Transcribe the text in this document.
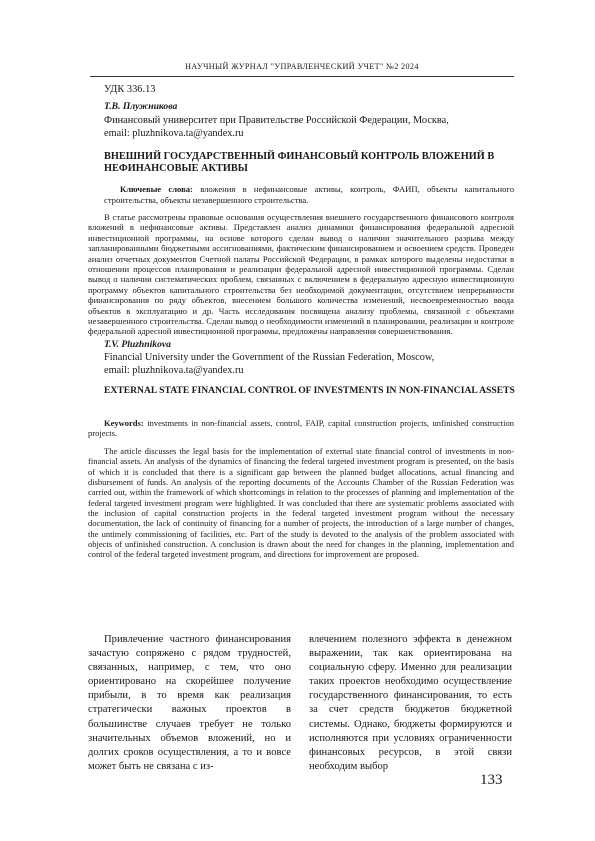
НАУЧНЫЙ ЖУРНАЛ "УПРАВЛЕНЧЕСКИЙ УЧЕТ" №2 2024
УДК 336.13
Т.В. Плужникова
Финансовый университет при Правительстве Российской Федерации, Москва,
email: pluzhnikova.ta@yandex.ru
ВНЕШНИЙ ГОСУДАРСТВЕННЫЙ ФИНАНСОВЫЙ КОНТРОЛЬ ВЛОЖЕНИЙ В НЕФИНАНСОВЫЕ АКТИВЫ
Ключевые слова: вложения в нефинансовые активы, контроль, ФАИП, объекты капитального строительства, объекты незавершенного строительства.
В статье рассмотрены правовые основания осуществления внешнего государственного финансового контроля вложений в нефинансовые активы. Представлен анализ динамики финансирования федеральной адресной инвестиционной программы, на основе которого сделан вывод о наличии значительного разрыва между запланированными бюджетными ассигнованиями, фактическим финансированием и освоением средств. Проведен анализ отчетных документов Счетной палаты Российской Федерации, в рамках которого выделены недостатки в отношении процессов планирования и реализации федеральной адресной инвестиционной программы. Сделан вывод о наличии систематических проблем, связанных с включением в федеральную адресную инвестиционную программу объектов капитального строительства без необходимой документации, отсутствием непрерывности финансирования по ряду объектов, внесением большого количества изменений, несвоевременностью ввода объектов в эксплуатацию и др. Часть исследования посвящена анализу проблемы, связанной с объектами незавершенного строительства. Сделан вывод о необходимости изменений в планировании, реализации и контроле федеральной адресной инвестиционной программы, предложены направления совершенствования.
T.V. Pluzhnikova
Financial University under the Government of the Russian Federation, Moscow,
email: pluzhnikova.ta@yandex.ru
EXTERNAL STATE FINANCIAL CONTROL OF INVESTMENTS IN NON-FINANCIAL ASSETS
Keywords: investments in non-financial assets, control, FAIP, capital construction projects, unfinished construction projects.
The article discusses the legal basis for the implementation of external state financial control of investments in non-financial assets. An analysis of the dynamics of financing the federal targeted investment program is presented, on the basis of which it is concluded that there is a significant gap between the planned budget allocations, actual financing and disbursement of funds. An analysis of the reporting documents of the Accounts Chamber of the Russian Federation was carried out, within the framework of which shortcomings in relation to the processes of planning and implementation of the federal targeted investment program were highlighted. It was concluded that there are systematic problems associated with the inclusion of capital construction projects in the federal targeted investment program without the necessary documentation, the lack of continuity of financing for a number of projects, the introduction of a large number of changes, the untimely commissioning of facilities, etc. Part of the study is devoted to the analysis of the problem associated with objects of unfinished construction. A conclusion is drawn about the need for changes in the planning, implementation and control of the federal targeted investment program, and directions for improvement are proposed.
Привлечение частного финансирования зачастую сопряжено с рядом трудностей, связанных, например, с тем, что оно ориентировано на скорейшее получение прибыли, в то время как реализация стратегически важных проектов в большинстве случаев требует не только значительных объемов вложений, но и долгих сроков осуществления, а то и вовсе может быть не связана с из-
влечением полезного эффекта в денежном выражении, так как ориентирована на социальную сферу. Именно для реализации таких проектов необходимо осуществление государственного финансирования, то есть за счет средств бюджетов бюджетной системы. Однако, бюджеты формируются и исполняются при условиях ограниченности финансовых ресурсов, в этой связи необходим выбор
133
